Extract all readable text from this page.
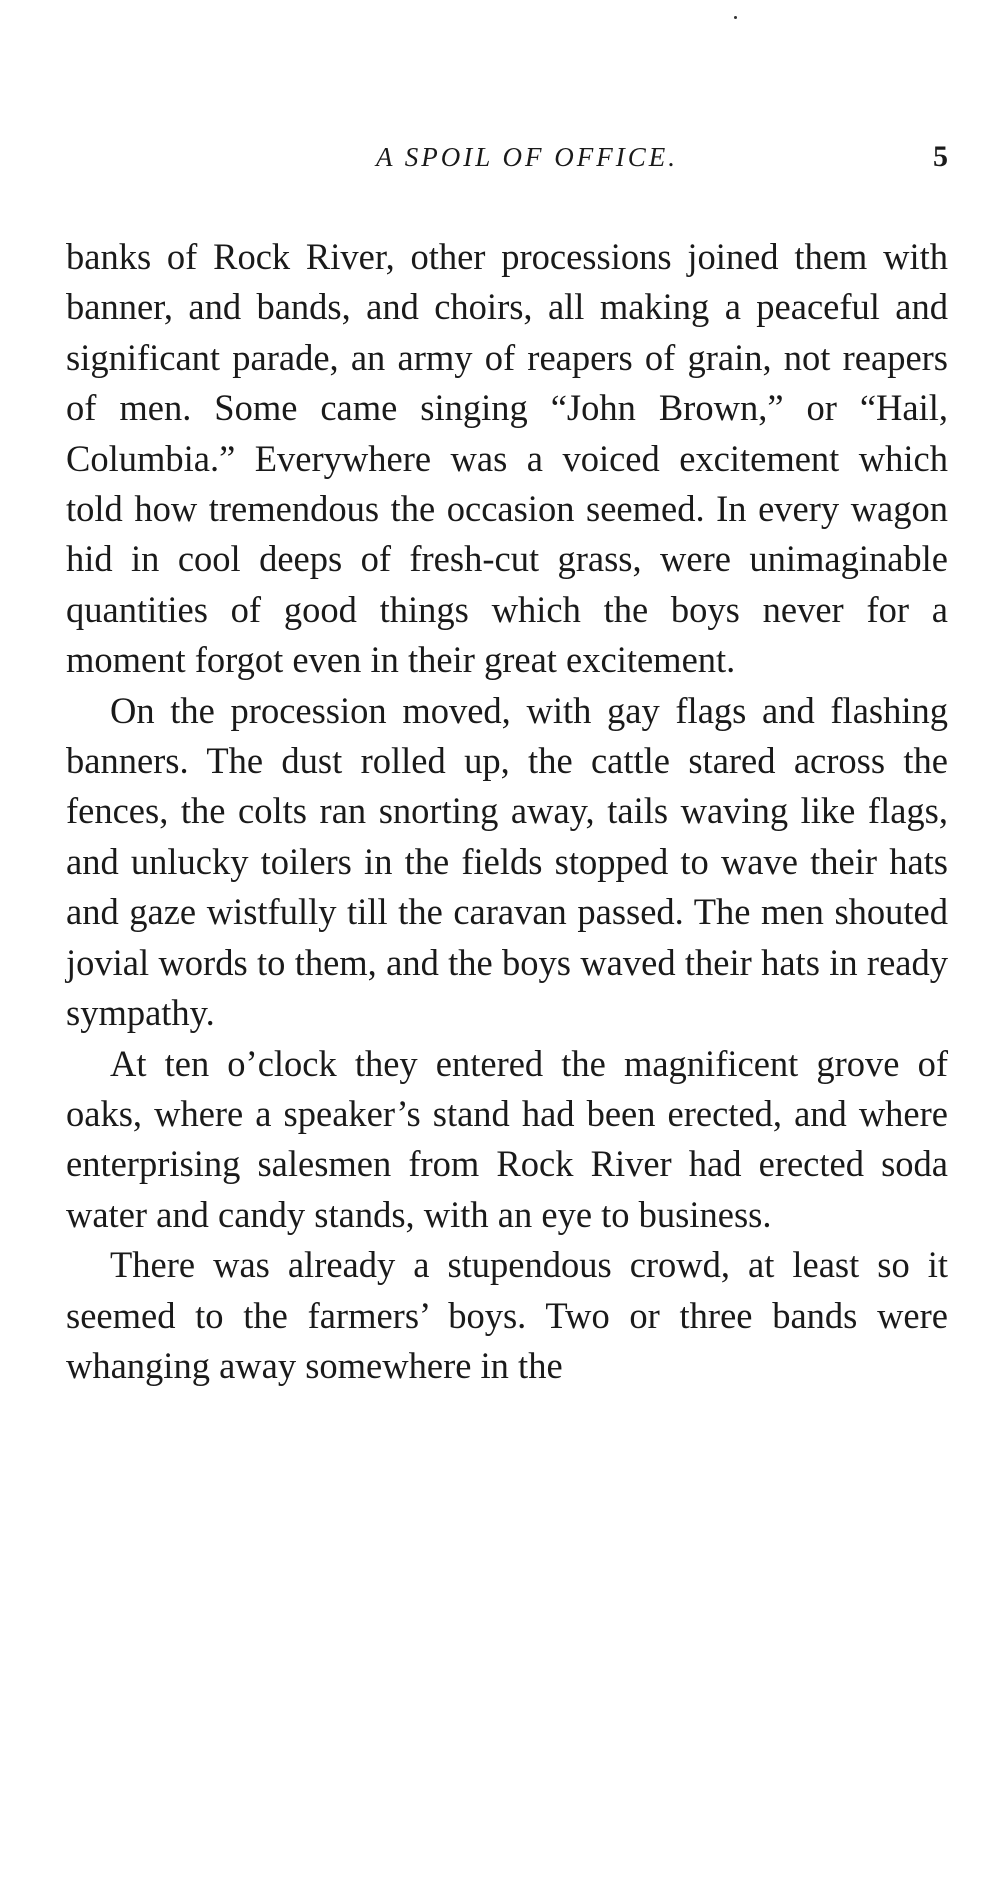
A SPOIL OF OFFICE.	5

banks of Rock River, other processions joined them with banner, and bands, and choirs, all making a peaceful and significant parade, an army of reapers of grain, not reapers of men. Some came singing “John Brown,” or “Hail, Columbia.” Everywhere was a voiced excitement which told how tremendous the occasion seemed. In every wagon hid in cool deeps of fresh-cut grass, were unimaginable quantities of good things which the boys never for a moment forgot even in their great excitement.

On the procession moved, with gay flags and flashing banners. The dust rolled up, the cattle stared across the fences, the colts ran snorting away, tails waving like flags, and unlucky toilers in the fields stopped to wave their hats and gaze wistfully till the caravan passed. The men shouted jovial words to them, and the boys waved their hats in ready sympathy.

At ten o’clock they entered the magnificent grove of oaks, where a speaker’s stand had been erected, and where enterprising salesmen from Rock River had erected soda water and candy stands, with an eye to business.

There was already a stupendous crowd, at least so it seemed to the farmers’ boys. Two or three bands were whanging away somewhere in the
